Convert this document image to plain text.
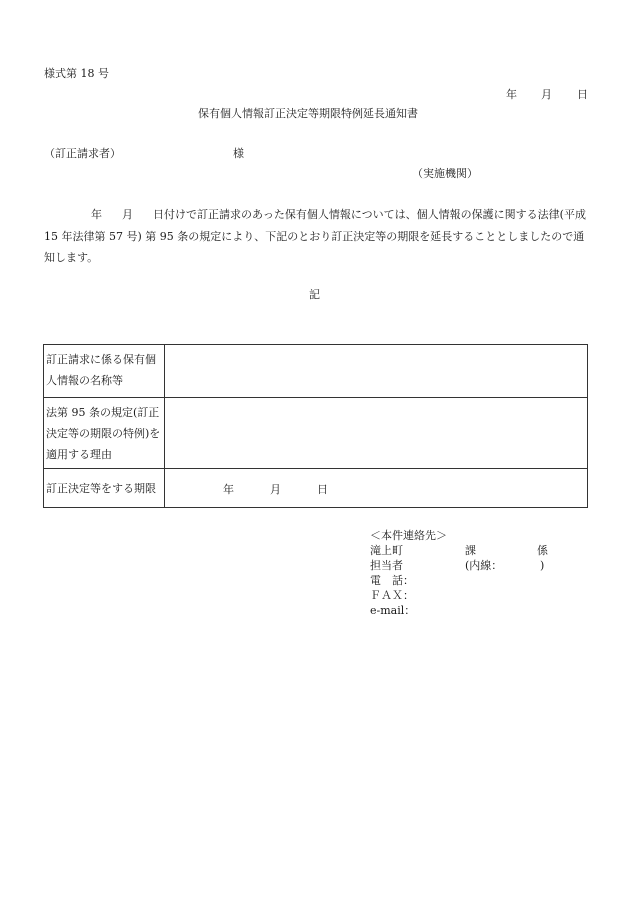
様式第 18 号
年 月 日
保有個人情報訂正決定等期限特例延長通知書
（訂正請求者）	様
（実施機関）
年 月 日付けで訂正請求のあった保有個人情報については、個人情報の保護に関する法律(平成 15 年法律第 57 号) 第 95 条の規定により、下記のとおり訂正決定等の期限を延長することとしましたので通知します。
記
訂正請求に係る保有個人情報の名称等	
法第 95 条の規定(訂正決定等の期限の特例)を適用する理由	
訂正決定等をする期限	年 月 日
＜本件連絡先＞
滝上町	課	係
担当者	(内線：	)
電　話：
ＦＡＸ：
e-mail：
